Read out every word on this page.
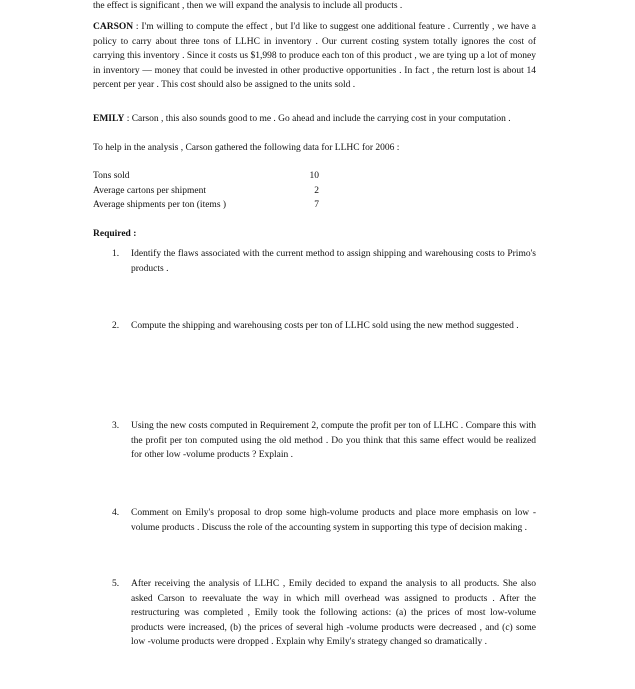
the effect is significant , then we will expand the analysis to include all products .
CARSON : I'm willing to compute the effect , but I'd like to suggest one additional feature . Currently , we have a policy to carry about three tons of LLHC in inventory . Our current costing system totally ignores the cost of carrying this inventory . Since it costs us $1,998 to produce each ton of this product , we are tying up a lot of money in inventory — money that could be invested in other productive opportunities . In fact , the return lost is about 14 percent per year . This cost should also be assigned to the units sold .
EMILY : Carson , this also sounds good to me . Go ahead and include the carrying cost in your computation .
To help in the analysis , Carson gathered the following data for LLHC for 2006 :
Tons sold	10
Average cartons per shipment	2
Average shipments per ton (items )	7
Required :
1.	Identify the flaws associated with the current method to assign shipping and warehousing costs to Primo's products .
2.	Compute the shipping and warehousing costs per ton of LLHC sold using the new method suggested .
3.	Using the new costs computed in Requirement 2, compute the profit per ton of LLHC . Compare this with the profit per ton computed using the old method . Do you think that this same effect would be realized for other low -volume products ? Explain .
4.	Comment on Emily's proposal to drop some high-volume products and place more emphasis on low -volume products . Discuss the role of the accounting system in supporting this type of decision making .
5.	After receiving the analysis of LLHC , Emily decided to expand the analysis to all products. She also asked Carson to reevaluate the way in which mill overhead was assigned to products . After the restructuring was completed , Emily took the following actions: (a) the prices of most low-volume products were increased, (b) the prices of several high -volume products were decreased , and (c) some low -volume products were dropped . Explain why Emily's strategy changed so dramatically .
